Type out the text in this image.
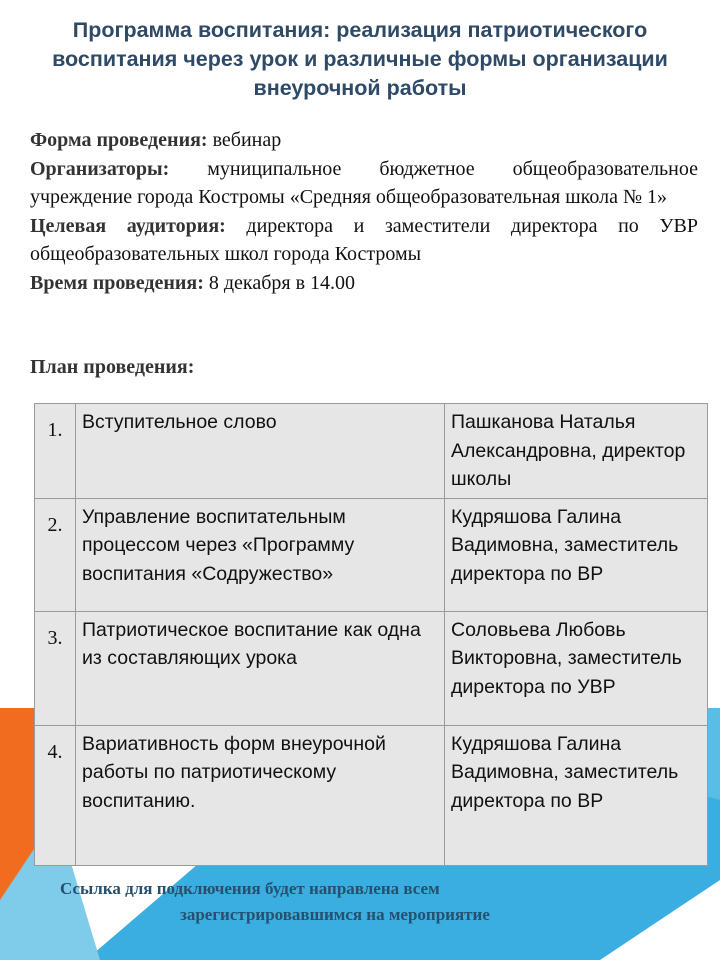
Программа воспитания: реализация патриотического воспитания через урок и различные формы организации внеурочной работы

Форма проведения: вебинар

Организаторы: муниципальное бюджетное общеобразовательное учреждение города Костромы «Средняя общеобразовательная школа № 1»

Целевая аудитория: директора и заместители директора по УВР общеобразовательных школ города Костромы

Время проведения: 8 декабря в 14.00

План проведения:
1.	Вступительное слово	Пашканова Наталья Александровна, директор школы
2.	Управление воспитательным процессом через «Программу воспитания «Содружество»	Кудряшова Галина Вадимовна, заместитель директора по ВР
3.	Патриотическое воспитание как одна из составляющих урока	Соловьева Любовь Викторовна, заместитель директора по УВР
4.	Вариативность форм внеурочной работы по патриотическому воспитанию.	Кудряшова Галина Вадимовна, заместитель директора по ВР
Ссылка для подключения будет направлена всем
зарегистрировавшимся на мероприятие
